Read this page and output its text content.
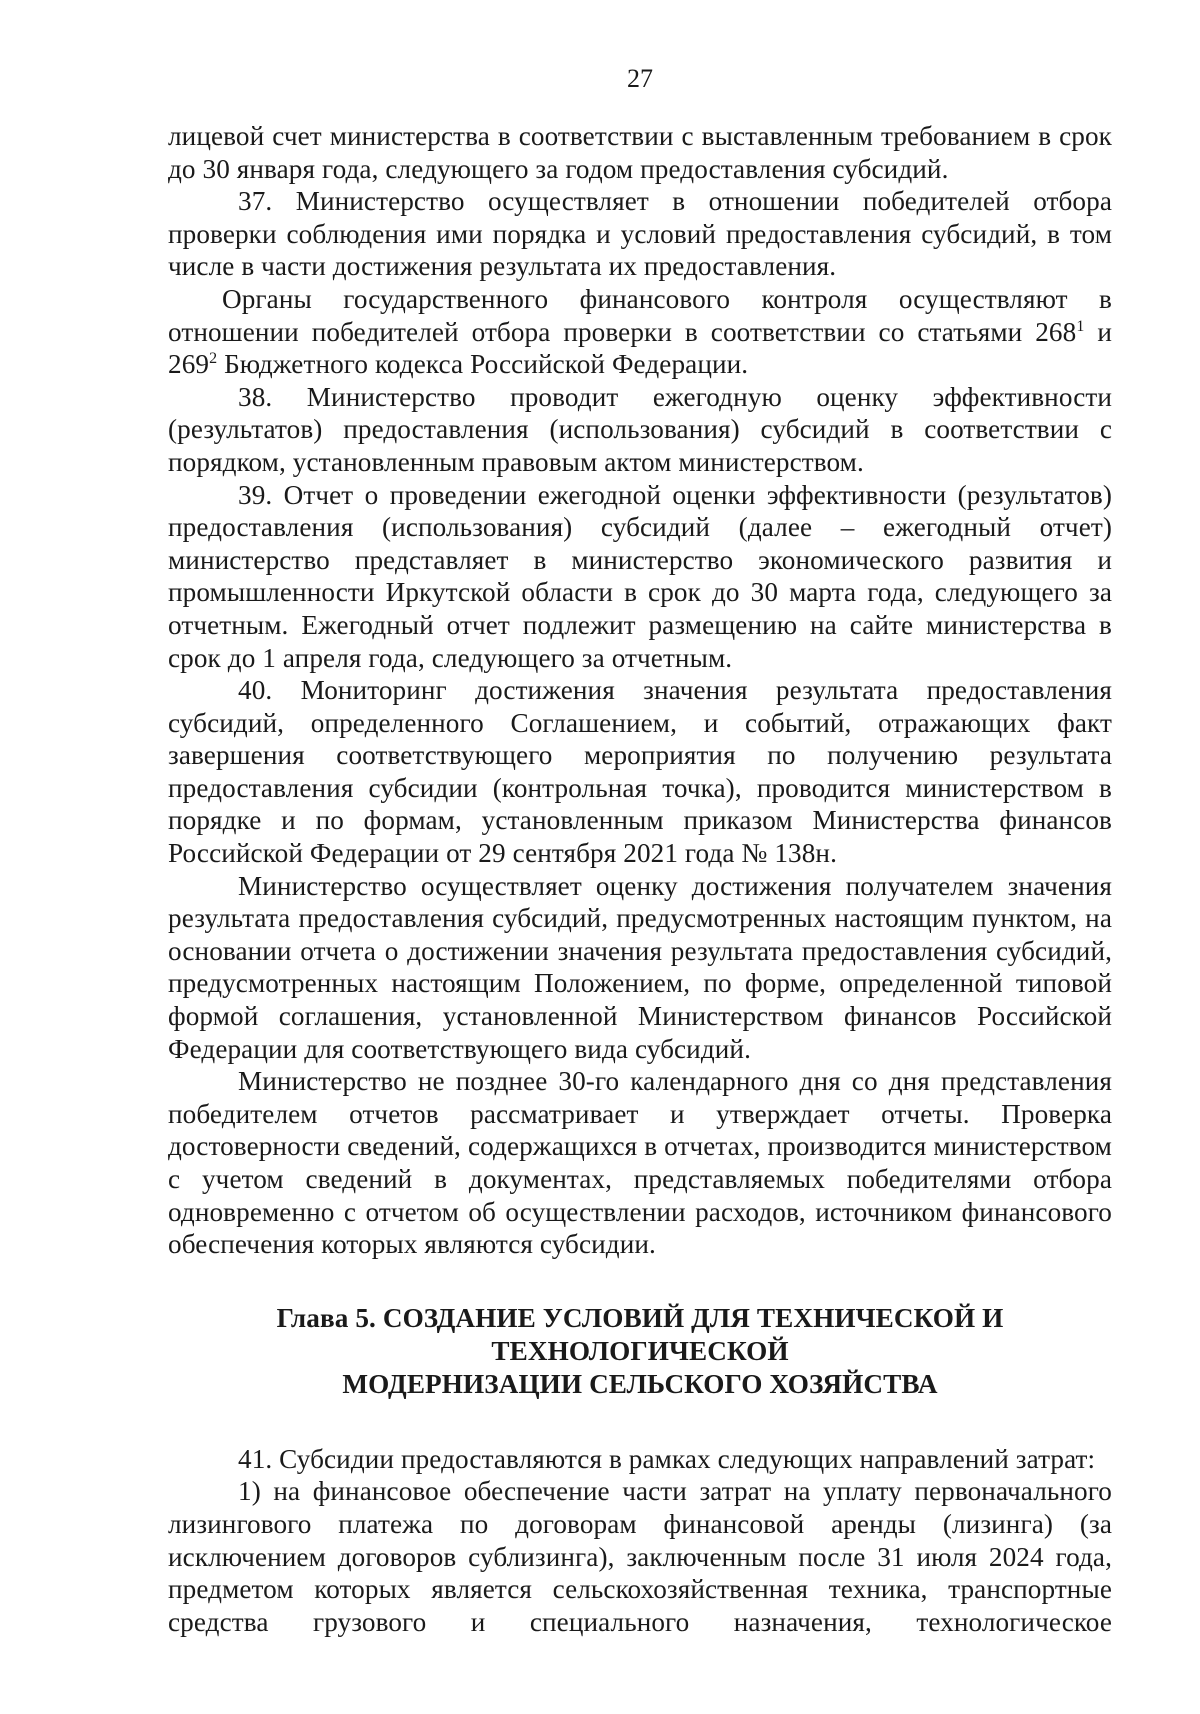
27

лицевой счет министерства в соответствии с выставленным требованием в срок до 30 января года, следующего за годом предоставления субсидий.

37. Министерство осуществляет в отношении победителей отбора проверки соблюдения ими порядка и условий предоставления субсидий, в том числе в части достижения результата их предоставления.

Органы государственного финансового контроля осуществляют в отношении победителей отбора проверки в соответствии со статьями $268^1$ и $269^2$ Бюджетного кодекса Российской Федерации.

38. Министерство проводит ежегодную оценку эффективности (результатов) предоставления (использования) субсидий в соответствии с порядком, установленным правовым актом министерством.

39. Отчет о проведении ежегодной оценки эффективности (результатов) предоставления (использования) субсидий (далее – ежегодный отчет) министерство представляет в министерство экономического развития и промышленности Иркутской области в срок до 30 марта года, следующего за отчетным. Ежегодный отчет подлежит размещению на сайте министерства в срок до 1 апреля года, следующего за отчетным.

40. Мониторинг достижения значения результата предоставления субсидий, определенного Соглашением, и событий, отражающих факт завершения соответствующего мероприятия по получению результата предоставления субсидии (контрольная точка), проводится министерством в порядке и по формам, установленным приказом Министерства финансов Российской Федерации от 29 сентября 2021 года № 138н.

Министерство осуществляет оценку достижения получателем значения результата предоставления субсидий, предусмотренных настоящим пунктом, на основании отчета о достижении значения результата предоставления субсидий, предусмотренных настоящим Положением, по форме, определенной типовой формой соглашения, установленной Министерством финансов Российской Федерации для соответствующего вида субсидий.

Министерство не позднее 30-го календарного дня со дня представления победителем отчетов рассматривает и утверждает отчеты. Проверка достоверности сведений, содержащихся в отчетах, производится министерством с учетом сведений в документах, представляемых победителями отбора одновременно с отчетом об осуществлении расходов, источником финансового обеспечения которых являются субсидии.

Глава 5. СОЗДАНИЕ УСЛОВИЙ ДЛЯ ТЕХНИЧЕСКОЙ И
ТЕХНОЛОГИЧЕСКОЙ
МОДЕРНИЗАЦИИ СЕЛЬСКОГО ХОЗЯЙСТВА

41. Субсидии предоставляются в рамках следующих направлений затрат:

1) на финансовое обеспечение части затрат на уплату первоначального лизингового платежа по договорам финансовой аренды (лизинга) (за исключением договоров сублизинга), заключенным после 31 июля 2024 года, предметом которых является сельскохозяйственная техника, транспортные средства грузового и специального назначения, технологическое
